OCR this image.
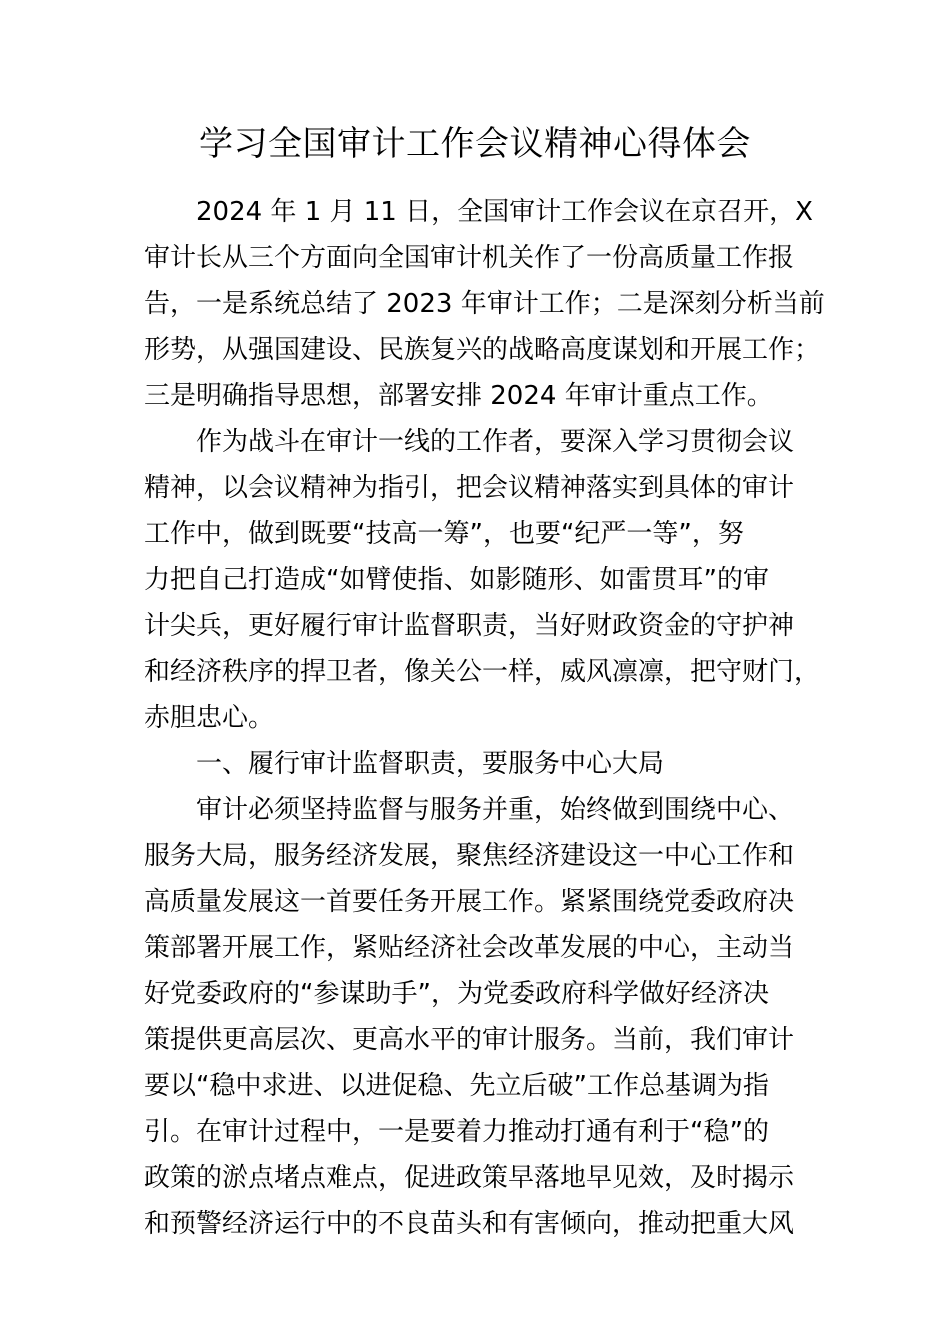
学习全国审计工作会议精神心得体会
2024 年 1 月 11 日，全国审计工作会议在京召开，X
审计长从三个方面向全国审计机关作了一份高质量工作报
告，一是系统总结了 2023 年审计工作；二是深刻分析当前
形势，从强国建设、民族复兴的战略高度谋划和开展工作；
三是明确指导思想，部署安排 2024 年审计重点工作。
作为战斗在审计一线的工作者，要深入学习贯彻会议
精神，以会议精神为指引，把会议精神落实到具体的审计
工作中，做到既要“技高一筹”，也要“纪严一等”，努
力把自己打造成“如臂使指、如影随形、如雷贯耳”的审
计尖兵，更好履行审计监督职责，当好财政资金的守护神
和经济秩序的捍卫者，像关公一样，威风凛凛，把守财门，
赤胆忠心。
一、履行审计监督职责，要服务中心大局
审计必须坚持监督与服务并重，始终做到围绕中心、
服务大局，服务经济发展，聚焦经济建设这一中心工作和
高质量发展这一首要任务开展工作。紧紧围绕党委政府决
策部署开展工作，紧贴经济社会改革发展的中心，主动当
好党委政府的“参谋助手”，为党委政府科学做好经济决
策提供更高层次、更高水平的审计服务。当前，我们审计
要以“稳中求进、以进促稳、先立后破”工作总基调为指
引。在审计过程中，一是要着力推动打通有利于“稳”的
政策的淤点堵点难点，促进政策早落地早见效，及时揭示
和预警经济运行中的不良苗头和有害倾向，推动把重大风
